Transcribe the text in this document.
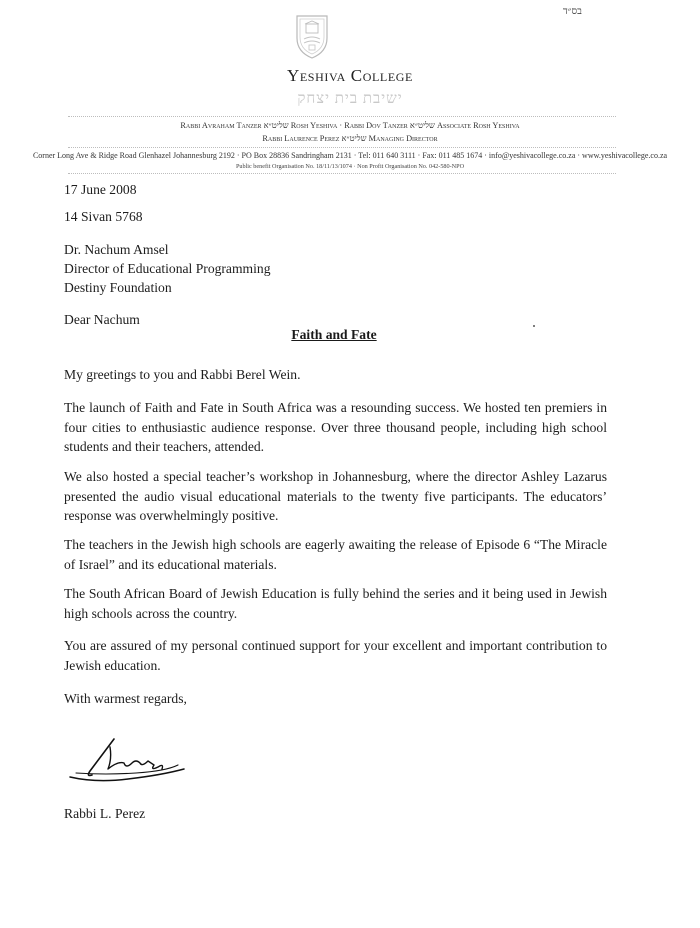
בס״ד
Yeshiva College
ישיבת בית יצחק
Rabbi Avraham Tanzer שליט״א Rosh Yeshiva · Rabbi Dov Tanzer שליט״א Associate Rosh Yeshiva
Rabbi Laurence Perez שליט״א Managing Director
Corner Long Ave & Ridge Road Glenhazel Johannesburg 2192 · PO Box 28836 Sandringham 2131 · Tel: 011 640 3111 · Fax: 011 485 1674 · info@yeshivacollege.co.za · www.yeshivacollege.co.za
Public benefit Organisation No. 18/11/13/1074 · Non Profit Organisation No. 042-580-NPO
17 June 2008
14 Sivan 5768
Dr. Nachum Amsel
Director of Educational Programming
Destiny Foundation
Dear Nachum
Faith and Fate
My greetings to you and Rabbi Berel Wein.
The launch of Faith and Fate in South Africa was a resounding success. We hosted ten premiers in four cities to enthusiastic audience response. Over three thousand people, including high school students and their teachers, attended.
We also hosted a special teacher’s workshop in Johannesburg, where the director Ashley Lazarus presented the audio visual educational materials to the twenty five participants. The educators’ response was overwhelmingly positive.
The teachers in the Jewish high schools are eagerly awaiting the release of Episode 6 “The Miracle of Israel” and its educational materials.
The South African Board of Jewish Education is fully behind the series and it being used in Jewish high schools across the country.
You are assured of my personal continued support for your excellent and important contribution to Jewish education.
With warmest regards,
Rabbi L. Perez
